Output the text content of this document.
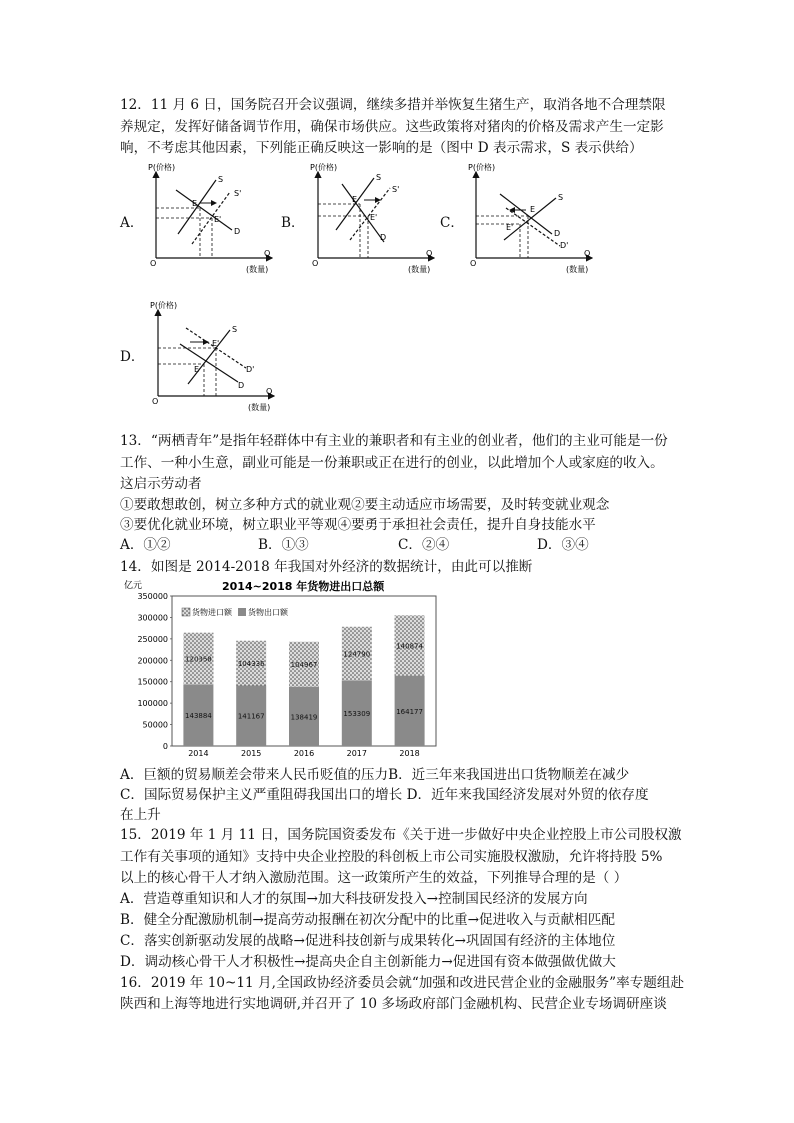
12．11 月 6 日，国务院召开会议强调，继续多措并举恢复生猪生产，取消各地不合理禁限
养规定，发挥好储备调节作用，确保市场供应。这些政策将对猪肉的价格及需求产生一定影
响，不考虑其他因素，下列能正确反映这一影响的是（图中 D 表示需求，S 表示供给）
A．
P(价格)
O
Q
(数量)
S
S'
E
E'
D
B．
P(价格)
O
Q
(数量)
S
S'
E
E'
D
C．
P(价格)
O
Q
(数量)
S
E
E'
D
D'
D．
P(价格)
O
Q
(数量)
S
E'
E	D'
D
13．“两栖青年”是指年轻群体中有主业的兼职者和有主业的创业者，他们的主业可能是一份
工作、一种小生意，副业可能是一份兼职或正在进行的创业，以此增加个人或家庭的收入。
这启示劳动者
①要敢想敢创，树立多种方式的就业观②要主动适应市场需要，及时转变就业观念
③要优化就业环境，树立职业平等观④要勇于承担社会责任，提升自身技能水平
A．①②	B．①③	C．②④	D．③④
14．如图是 2014-2018 年我国对外经济的数据统计，由此可以推断
亿元	2014~2018 年货物进出口总额
0
50000
100000
150000
200000
250000
300000
350000
143884
120358
141167
104336
138419
104967
153309
124790
164177
140874
2014	2015	2016	2017	2018
货物进口额 货物出口额
A．巨额的贸易顺差会带来人民币贬值的压力B．近三年来我国进出口货物顺差在减少
C．国际贸易保护主义严重阻碍我国出口的增长 D．近年来我国经济发展对外贸的依存度
在上升
15．2019 年 1 月 11 日，国务院国资委发布《关于进一步做好中央企业控股上市公司股权激
工作有关事项的通知》支持中央企业控股的科创板上市公司实施股权激励，允许将持股 5%
以上的核心骨干人才纳入激励范围。这一政策所产生的效益，下列推导合理的是（ ）
A．营造尊重知识和人才的氛围→加大科技研发投入→控制国民经济的发展方向
B．健全分配激励机制→提高劳动报酬在初次分配中的比重→促进收入与贡献相匹配
C．落实创新驱动发展的战略→促进科技创新与成果转化→巩固国有经济的主体地位
D．调动核心骨干人才积极性→提高央企自主创新能力→促进国有资本做强做优做大
16．2019 年 10~11 月,全国政协经济委员会就“加强和改进民营企业的金融服务”率专题组赴
陕西和上海等地进行实地调研,并召开了 10 多场政府部门金融机构、民营企业专场调研座谈
